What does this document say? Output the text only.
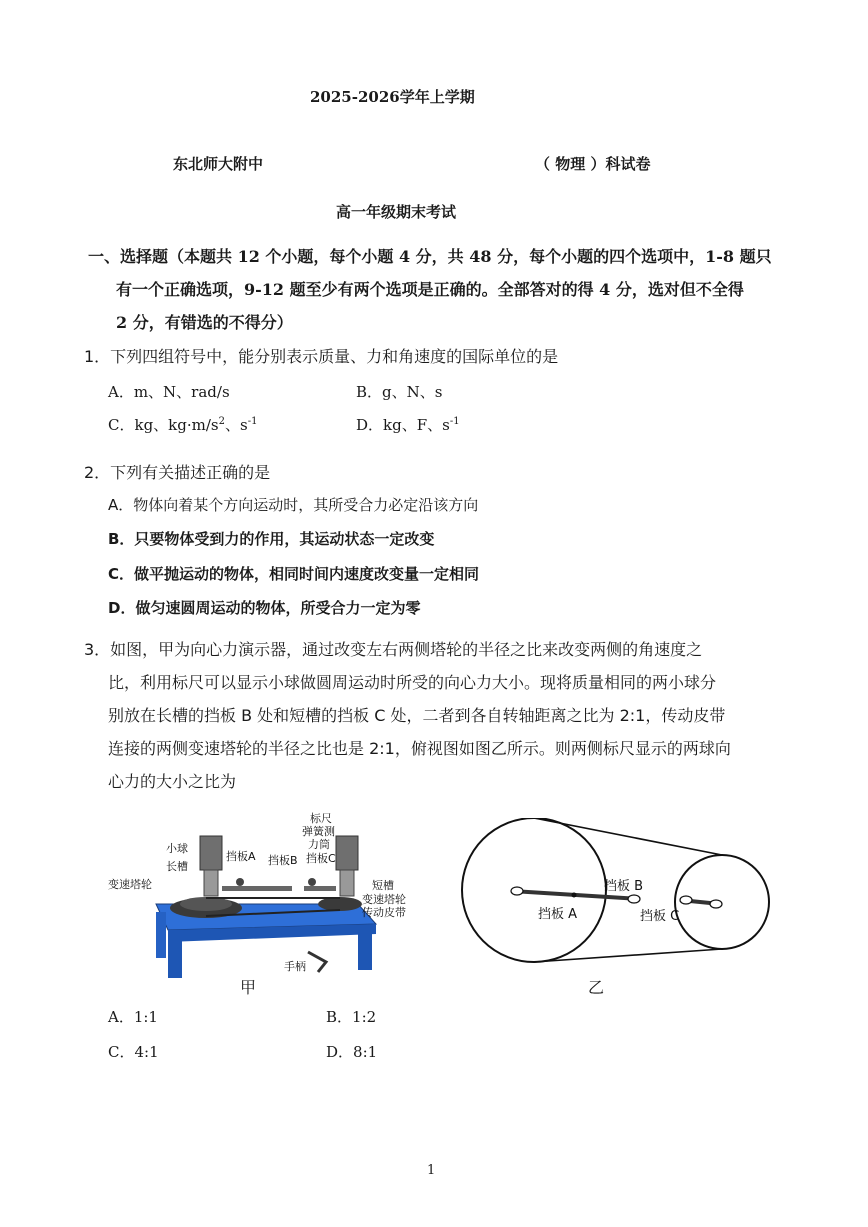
2025-2026学年上学期
东北师大附中	（ 物理 ）科试卷
高一年级期末考试
一、选择题（本题共 12 个小题，每个小题 4 分，共 48 分，每个小题的四个选项中，1-8 题只
有一个正确选项，9-12 题至少有两个选项是正确的。全部答对的得 4 分，选对但不全得
2 分，有错选的不得分）
1．下列四组符号中，能分别表示质量、力和角速度的国际单位的是
A．m、N、rad/s	B．g、N、s
C．kg、$kg\cdot m/s^2$、$s^{-1}$	D．kg、F、$s^{-1}$
2．下列有关描述正确的是
A．物体向着某个方向运动时，其所受合力必定沿该方向
B．只要物体受到力的作用，其运动状态一定改变
C．做平抛运动的物体，相同时间内速度改变量一定相同
D．做匀速圆周运动的物体，所受合力一定为零
3．如图，甲为向心力演示器，通过改变左右两侧塔轮的半径之比来改变两侧的角速度之
比，利用标尺可以显示小球做圆周运动时所受的向心力大小。现将质量相同的两小球分
别放在长槽的挡板 B 处和短槽的挡板 C 处，二者到各自转轴距离之比为 2:1，传动皮带
连接的两侧变速塔轮的半径之比也是 2:1，俯视图如图乙所示。则两侧标尺显示的两球向
心力的大小之比为
标尺
弹簧测
力筒
小球
长槽
挡板A 挡板B 挡板C
变速塔轮	短槽
变速塔轮
传动皮带
手柄
甲
挡板 B
挡板 A	挡板 C
乙
A．1:1	B．1:2
C．4:1	D．8:1
1
